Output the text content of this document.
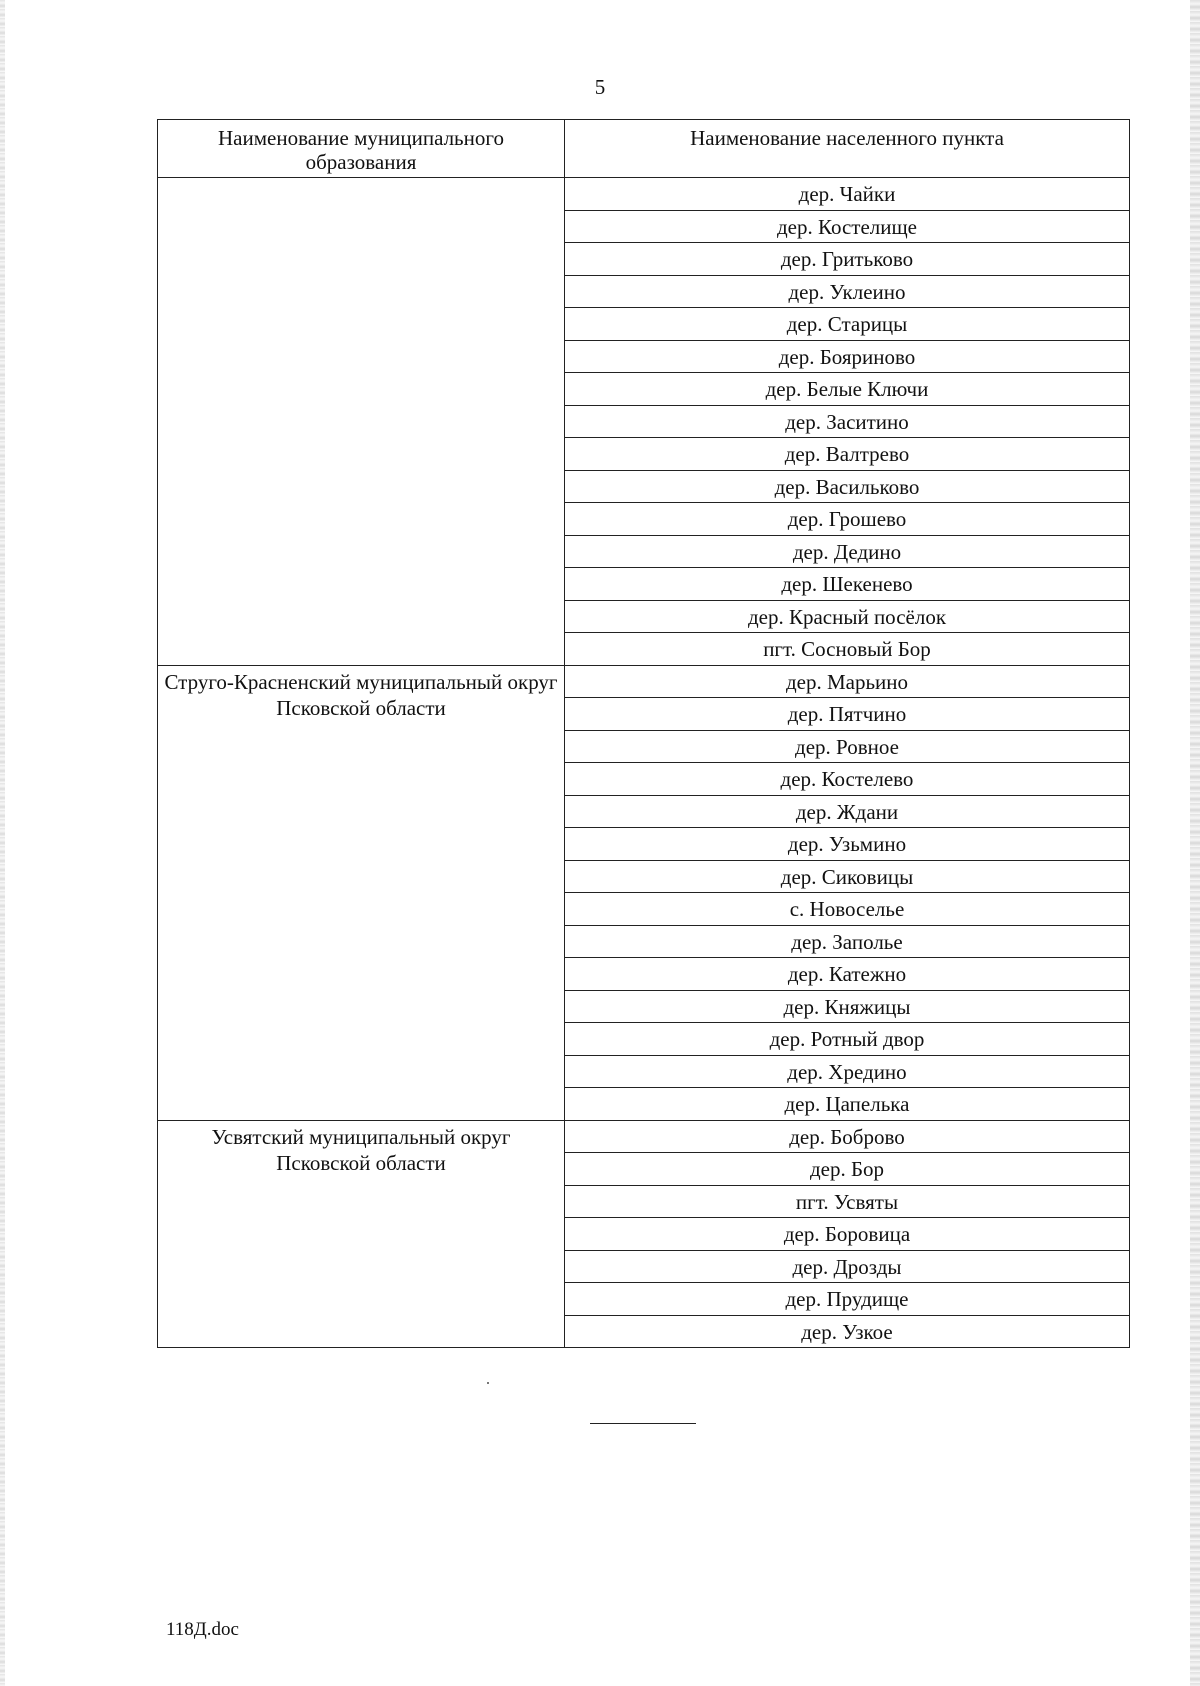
5
Наименование муниципального образования	Наименование населенного пункта
	дер. Чайки
	дер. Костелище
	дер. Гритьково
	дер. Уклеино
	дер. Старицы
	дер. Бояриново
	дер. Белые Ключи
	дер. Заситино
	дер. Валтрево
	дер. Васильково
	дер. Грошево
	дер. Дедино
	дер. Шекенево
	дер. Красный посёлок
	пгт. Сосновый Бор
Струго-Красненский муниципальный округ Псковской области	дер. Марьино
	дер. Пятчино
	дер. Ровное
	дер. Костелево
	дер. Ждани
	дер. Узьмино
	дер. Сиковицы
	с. Новоселье
	дер. Заполье
	дер. Катежно
	дер. Княжицы
	дер. Ротный двор
	дер. Хредино
	дер. Цапелька
Усвятский муниципальный округ Псковской области	дер. Боброво
	дер. Бор
	пгт. Усвяты
	дер. Боровица
	дер. Дрозды
	дер. Прудище
	дер. Узкое
118Д.doc
